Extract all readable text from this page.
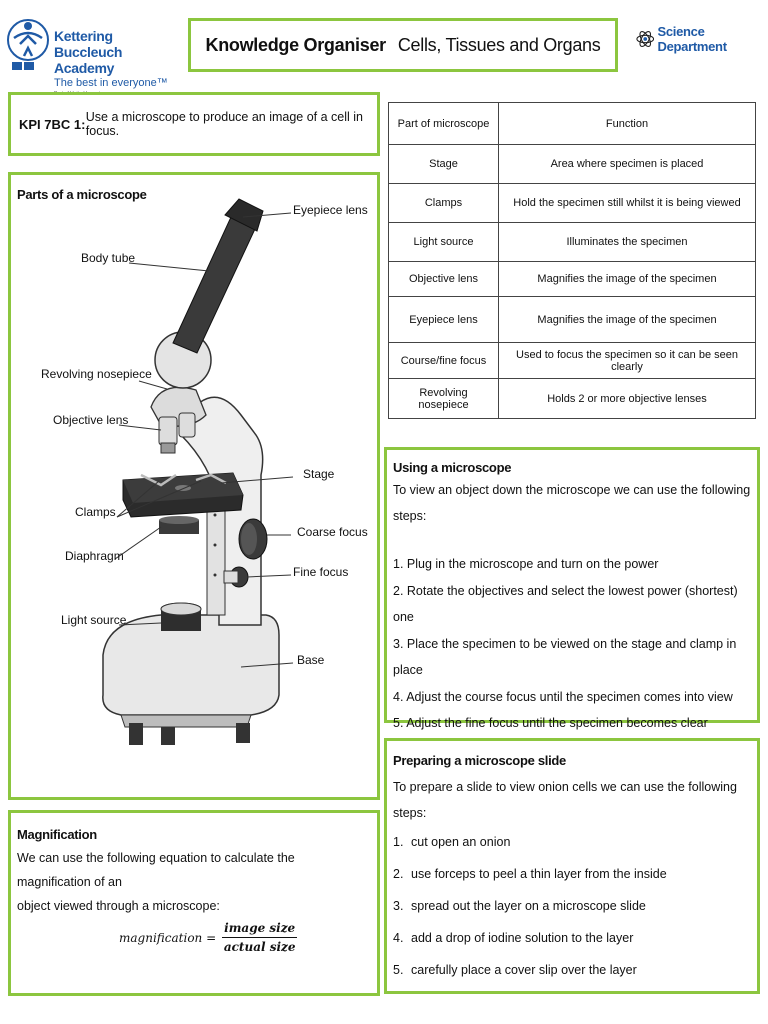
Kettering Buccleuch Academy
The best in everyone™
Knowledge Organiser Cells, Tissues and Organs
Science Department
KPI 7BC 1: Use a microscope to produce an image of a cell in focus.
Parts of a microscope
Eyepiece lens
Body tube
Revolving nosepiece
Objective lens
Stage
Clamps
Coarse focus
Diaphragm
Fine focus
Light source
Base
Part of microscope	Function
Stage	Area where specimen is placed
Clamps	Hold the specimen still whilst it is being viewed
Light source	Illuminates the specimen
Objective lens	Magnifies the image of the specimen
Eyepiece lens	Magnifies the image of the specimen
Course/fine focus	Used to focus the specimen so it can be seen clearly
Revolving nosepiece	Holds 2 or more objective lenses
Using a microscope
To view an object down the microscope we can use the following steps:
1. Plug in the microscope and turn on the power
2. Rotate the objectives and select the lowest power (shortest) one
3. Place the specimen to be viewed on the stage and clamp in place
4. Adjust the course focus until the specimen comes into view
5. Adjust the fine focus until the specimen becomes clear
Preparing a microscope slide
To prepare a slide to view onion cells we can use the following steps:
1. cut open an onion
2. use forceps to peel a thin layer from the inside
3. spread out the layer on a microscope slide
4. add a drop of iodine solution to the layer
5. carefully place a cover slip over the layer
Magnification
We can use the following equation to calculate the magnification of an
object viewed through a microscope:
magnification = $\frac{\text{image size}}{\text{actual size}}$
